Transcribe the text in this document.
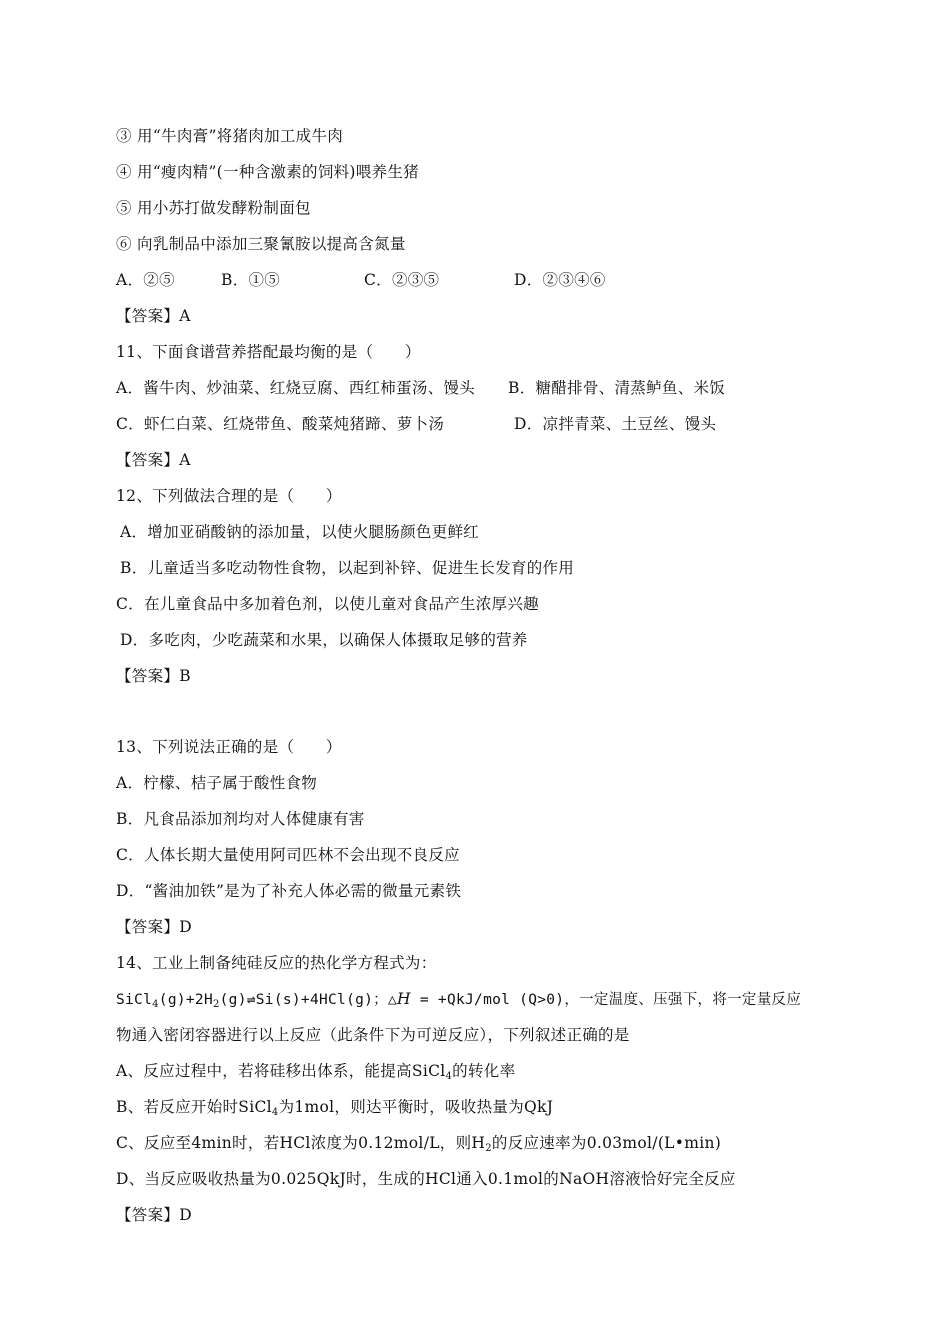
③ 用“牛肉膏”将猪肉加工成牛肉
④ 用“瘦肉精”(一种含激素的饲料)喂养生猪
⑤ 用小苏打做发酵粉制面包
⑥ 向乳制品中添加三聚氰胺以提高含氮量
A．②⑤	B．①⑤	C．②③⑤	D．②③④⑥
【答案】A
11、下面食谱营养搭配最均衡的是（　　）
A．酱牛肉、炒油菜、红烧豆腐、西红柿蛋汤、馒头 B．糖醋排骨、清蒸鲈鱼、米饭
C．虾仁白菜、红烧带鱼、酸菜炖猪蹄、萝卜汤	D．凉拌青菜、土豆丝、馒头
【答案】A
12、下列做法合理的是（　　）
A．增加亚硝酸钠的添加量，以使火腿肠颜色更鲜红
B．儿童适当多吃动物性食物，以起到补锌、促进生长发育的作用
C．在儿童食品中多加着色剂，以使儿童对食品产生浓厚兴趣
D．多吃肉，少吃蔬菜和水果，以确保人体摄取足够的营养
【答案】B
13、下列说法正确的是（　　）
A．柠檬、桔子属于酸性食物
B．凡食品添加剂均对人体健康有害
C．人体长期大量使用阿司匹林不会出现不良反应
D．“酱油加铁”是为了补充人体必需的微量元素铁
【答案】D
14、工业上制备纯硅反应的热化学方程式为：
$SiCl_4(g)+2H_2(g)\rightleftharpoons Si(s)+4HCl(g)$；△H = +QkJ/mol (Q>0)，一定温度、压强下，将一定量反应
物通入密闭容器进行以上反应（此条件下为可逆反应），下列叙述正确的是
A、反应过程中，若将硅移出体系，能提高SiCl$_4$的转化率
B、若反应开始时SiCl$_4$为1mol，则达平衡时，吸收热量为QkJ
C、反应至4min时，若HCl浓度为0.12mol/L，则$H_2$的反应速率为0.03mol/(L•min)
D、当反应吸收热量为0.025QkJ时，生成的HCl通入0.1mol的NaOH溶液恰好完全反应
【答案】D
